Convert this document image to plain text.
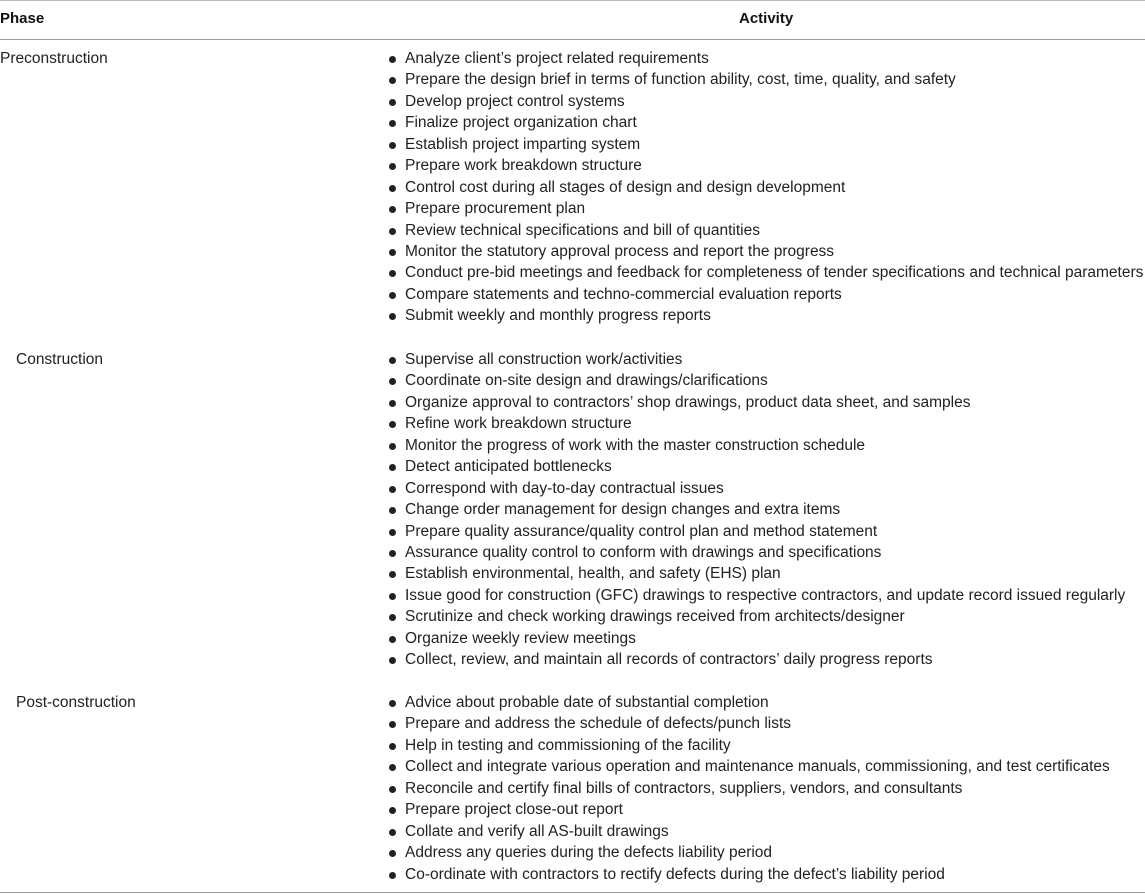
Phase	Activity
Preconstruction	Analyze client’s project related requirements
Prepare the design brief in terms of function ability, cost, time, quality, and safety
Develop project control systems
Finalize project organization chart
Establish project imparting system
Prepare work breakdown structure
Control cost during all stages of design and design development
Prepare procurement plan
Review technical specifications and bill of quantities
Monitor the statutory approval process and report the progress
Conduct pre-bid meetings and feedback for completeness of tender specifications and technical parameters
Compare statements and techno-commercial evaluation reports
Submit weekly and monthly progress reports
Construction	Supervise all construction work/activities
Coordinate on-site design and drawings/clarifications
Organize approval to contractors’ shop drawings, product data sheet, and samples
Refine work breakdown structure
Monitor the progress of work with the master construction schedule
Detect anticipated bottlenecks
Correspond with day-to-day contractual issues
Change order management for design changes and extra items
Prepare quality assurance/quality control plan and method statement
Assurance quality control to conform with drawings and specifications
Establish environmental, health, and safety (EHS) plan
Issue good for construction (GFC) drawings to respective contractors, and update record issued regularly
Scrutinize and check working drawings received from architects/designer
Organize weekly review meetings
Collect, review, and maintain all records of contractors’ daily progress reports
Post-construction	Advice about probable date of substantial completion
Prepare and address the schedule of defects/punch lists
Help in testing and commissioning of the facility
Collect and integrate various operation and maintenance manuals, commissioning, and test certificates
Reconcile and certify final bills of contractors, suppliers, vendors, and consultants
Prepare project close-out report
Collate and verify all AS-built drawings
Address any queries during the defects liability period
Co-ordinate with contractors to rectify defects during the defect’s liability period
